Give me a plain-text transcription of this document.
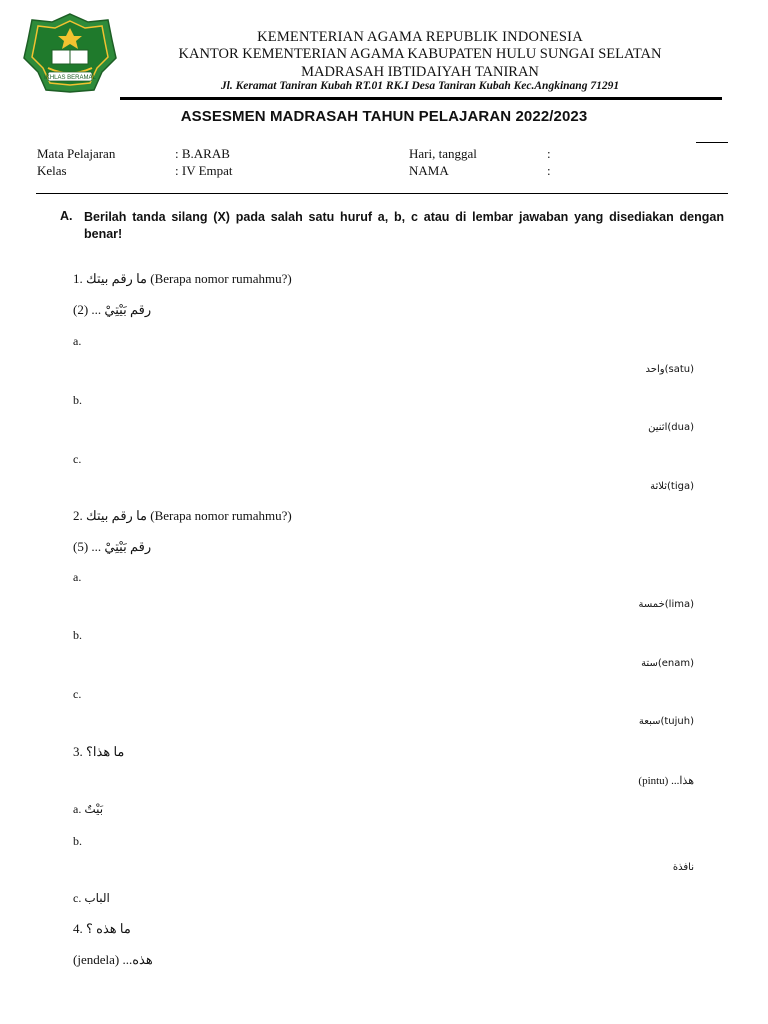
IKHLAS BERAMAL
KEMENTERIAN AGAMA REPUBLIK INDONESIA
KANTOR KEMENTERIAN AGAMA KABUPATEN HULU SUNGAI SELATAN
MADRASAH IBTIDAIYAH TANIRAN
Jl. Keramat Taniran Kubah RT.01 RK.I Desa Taniran Kubah Kec.Angkinang 71291
ASSESMEN MADRASAH TAHUN PELAJARAN 2022/2023
Mata Pelajaran	: B.ARAB
Kelas	: IV Empat
Hari, tanggal	:
NAMA	:
A. Berilah tanda silang (X) pada salah satu huruf a, b, c atau di lembar jawaban yang disediakan dengan benar!
1. ما رقم بيتك (Berapa nomor rumahmu?)
(2) ... رقم بَيْتِيْ
a.
واحد(satu)
b.
اثنين(dua)
c.
ثلاثة(tiga)
2. ما رقم بيتك (Berapa nomor rumahmu?)
(5) ... رقم بَيْتِيْ
a.
خمسة(lima)
b.
ستة(enam)
c.
سبعة(tujuh)
3. ما هذا؟
(pintu) ...هذا
a. بَيْتٌ
b.
نافذة
c. الباب
4. ما هذه ؟
(jendela) ...هذه
